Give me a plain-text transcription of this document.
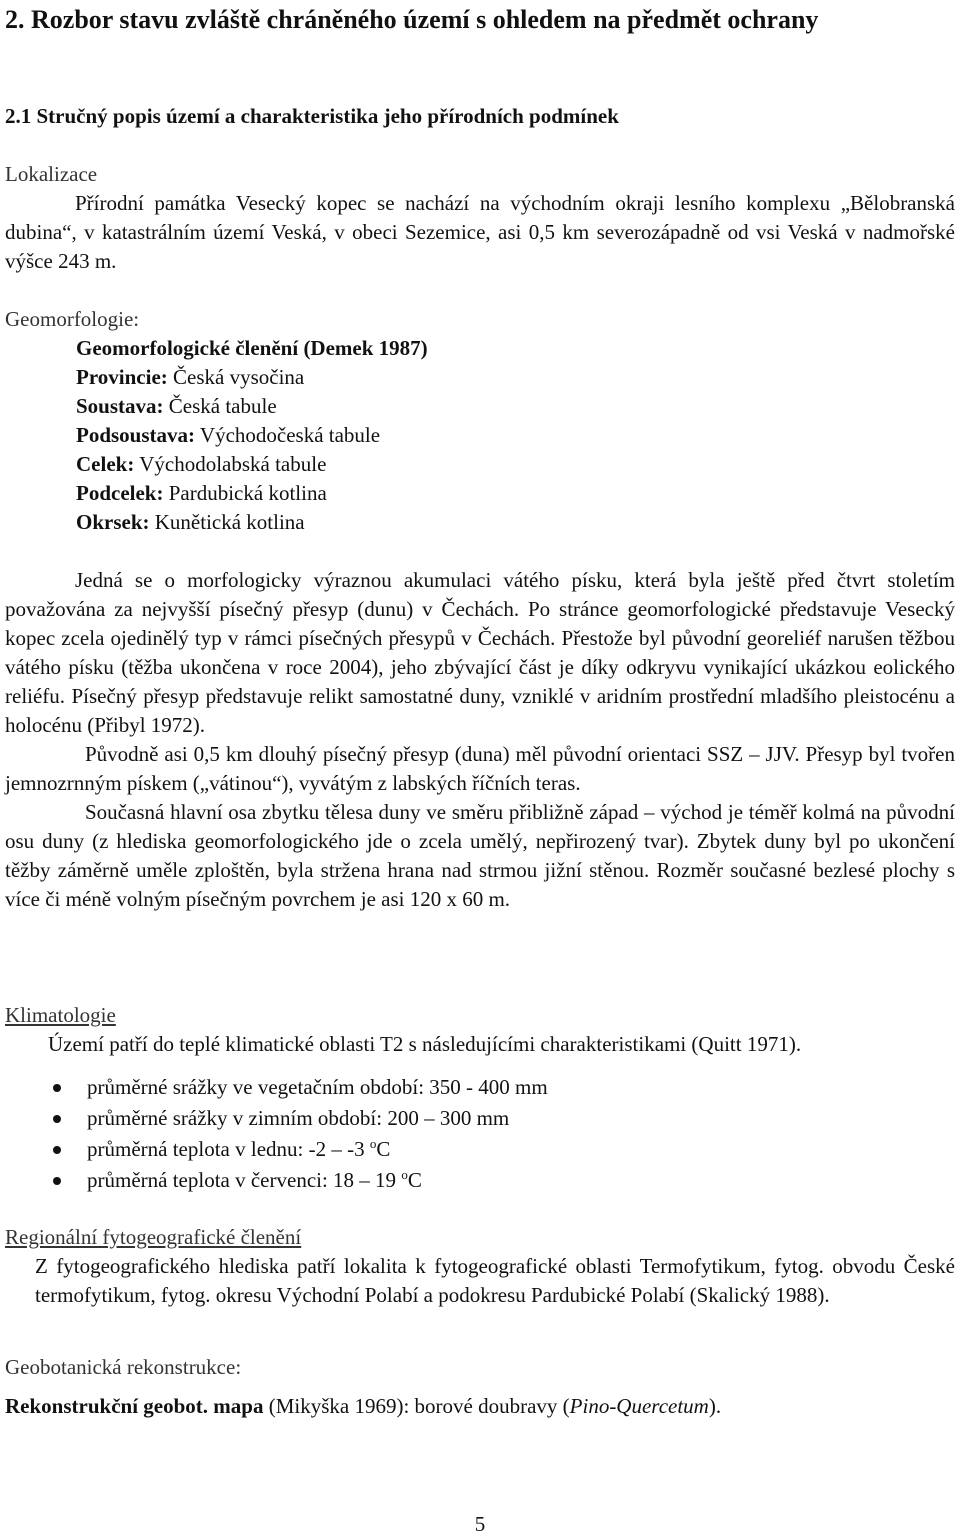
2. Rozbor stavu zvláště chráněného území s ohledem na předmět ochrany
2.1 Stručný popis území a charakteristika jeho přírodních podmínek
Lokalizace

Přírodní památka Vesecký kopec se nachází na východním okraji lesního komplexu „Bělobranská dubina“, v katastrálním území Veská, v obeci Sezemice, asi 0,5 km severozápadně od vsi Veská v nadmořské výšce 243 m.

Geomorfologie:
Geomorfologické členění (Demek 1987)
Provincie: Česká vysočina
Soustava: Česká tabule
Podsoustava: Východočeská tabule
Celek: Východolabská tabule
Podcelek: Pardubická kotlina
Okrsek: Kunětická kotlina

Jedná se o morfologicky výraznou akumulaci vátého písku, která byla ještě před čtvrt stoletím považována za nejvyšší písečný přesyp (dunu) v Čechách. Po stránce geomorfologické představuje Vesecký kopec zcela ojedinělý typ v rámci písečných přesypů v Čechách. Přestože byl původní georeliéf narušen těžbou vátého písku (těžba ukončena v roce 2004), jeho zbývající část je díky odkryvu vynikající ukázkou eolického reliéfu. Písečný přesyp představuje relikt samostatné duny, vzniklé v aridním prostřední mladšího pleistocénu a holocénu (Přibyl 1972).

Původně asi 0,5 km dlouhý písečný přesyp (duna) měl původní orientaci SSZ – JJV. Přesyp byl tvořen jemnozrnným pískem („vátinou“), vyvátým z labských říčních teras.

Současná hlavní osa zbytku tělesa duny ve směru přibližně západ – východ je téměř kolmá na původní osu duny (z hlediska geomorfologického jde o zcela umělý, nepřirozený tvar). Zbytek duny byl po ukončení těžby záměrně uměle zploštěn, byla stržena hrana nad strmou jižní stěnou. Rozměr současné bezlesé plochy s více či méně volným písečným povrchem je asi 120 x 60 m.

Klimatologie

Území patří do teplé klimatické oblasti T2 s následujícími charakteristikami (Quitt 1971).

průměrné srážky ve vegetačním období: 350 - 400 mm
průměrné srážky v zimním období: 200 – 300 mm
průměrná teplota v lednu: -2 – -3 $^o$C
průměrná teplota v červenci: 18 – 19 $^o$C
Regionální fytogeografické členění

Z fytogeografického hlediska patří lokalita k fytogeografické oblasti Termofytikum, fytog. obvodu České termofytikum, fytog. okresu Východní Polabí a podokresu Pardubické Polabí (Skalický 1988).

Geobotanická rekonstrukce:

Rekonstrukční geobot. mapa (Mikyška 1969): borové doubravy (Pino-Quercetum).

5
